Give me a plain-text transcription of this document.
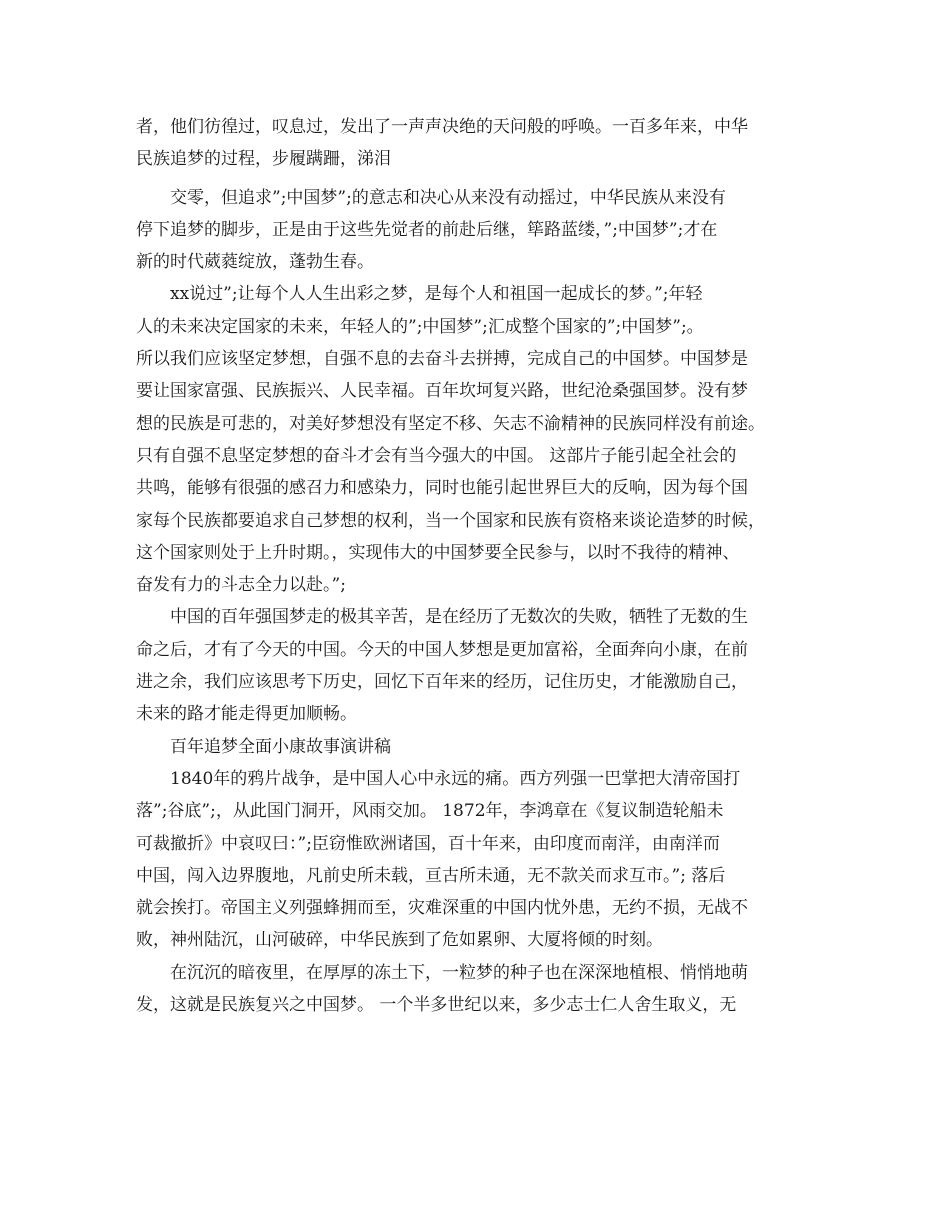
者，他们彷徨过，叹息过，发出了一声声决绝的天问般的呼唤。一百多年来，中华
民族追梦的过程，步履蹒跚，涕泪
交零，但追求”;中国梦”;的意志和决心从来没有动摇过，中华民族从来没有
停下追梦的脚步，正是由于这些先觉者的前赴后继，筚路蓝缕，”;中国梦”;才在
新的时代葳蕤绽放，蓬勃生春。
xx说过”;让每个人人生出彩之梦，是每个人和祖国一起成长的梦。”;年轻
人的未来决定国家的未来，年轻人的”;中国梦”;汇成整个国家的”;中国梦”;。
所以我们应该坚定梦想，自强不息的去奋斗去拼搏，完成自己的中国梦。中国梦是
要让国家富强、民族振兴、人民幸福。百年坎坷复兴路，世纪沧桑强国梦。没有梦
想的民族是可悲的，对美好梦想没有坚定不移、矢志不渝精神的民族同样没有前途。
只有自强不息坚定梦想的奋斗才会有当今强大的中国。 这部片子能引起全社会的
共鸣，能够有很强的感召力和感染力，同时也能引起世界巨大的反响，因为每个国
家每个民族都要追求自己梦想的权利，当一个国家和民族有资格来谈论造梦的时候，
这个国家则处于上升时期。，实现伟大的中国梦要全民参与，以时不我待的精神、
奋发有力的斗志全力以赴。”;
中国的百年强国梦走的极其辛苦，是在经历了无数次的失败，牺牲了无数的生
命之后，才有了今天的中国。今天的中国人梦想是更加富裕，全面奔向小康，在前
进之余，我们应该思考下历史，回忆下百年来的经历，记住历史，才能激励自己，
未来的路才能走得更加顺畅。
百年追梦全面小康故事演讲稿
1840年的鸦片战争，是中国人心中永远的痛。西方列强一巴掌把大清帝国打
落”;谷底”;，从此国门洞开，风雨交加。 1872年，李鸿章在《复议制造轮船未
可裁撤折》中哀叹曰：”;臣窃惟欧洲诸国，百十年来，由印度而南洋，由南洋而
中国，闯入边界腹地，凡前史所未载，亘古所未通，无不款关而求互市。”; 落后
就会挨打。帝国主义列强蜂拥而至，灾难深重的中国内忧外患，无约不损，无战不
败，神州陆沉，山河破碎，中华民族到了危如累卵、大厦将倾的时刻。
在沉沉的暗夜里，在厚厚的冻土下，一粒梦的种子也在深深地植根、悄悄地萌
发，这就是民族复兴之中国梦。 一个半多世纪以来，多少志士仁人舍生取义，无
